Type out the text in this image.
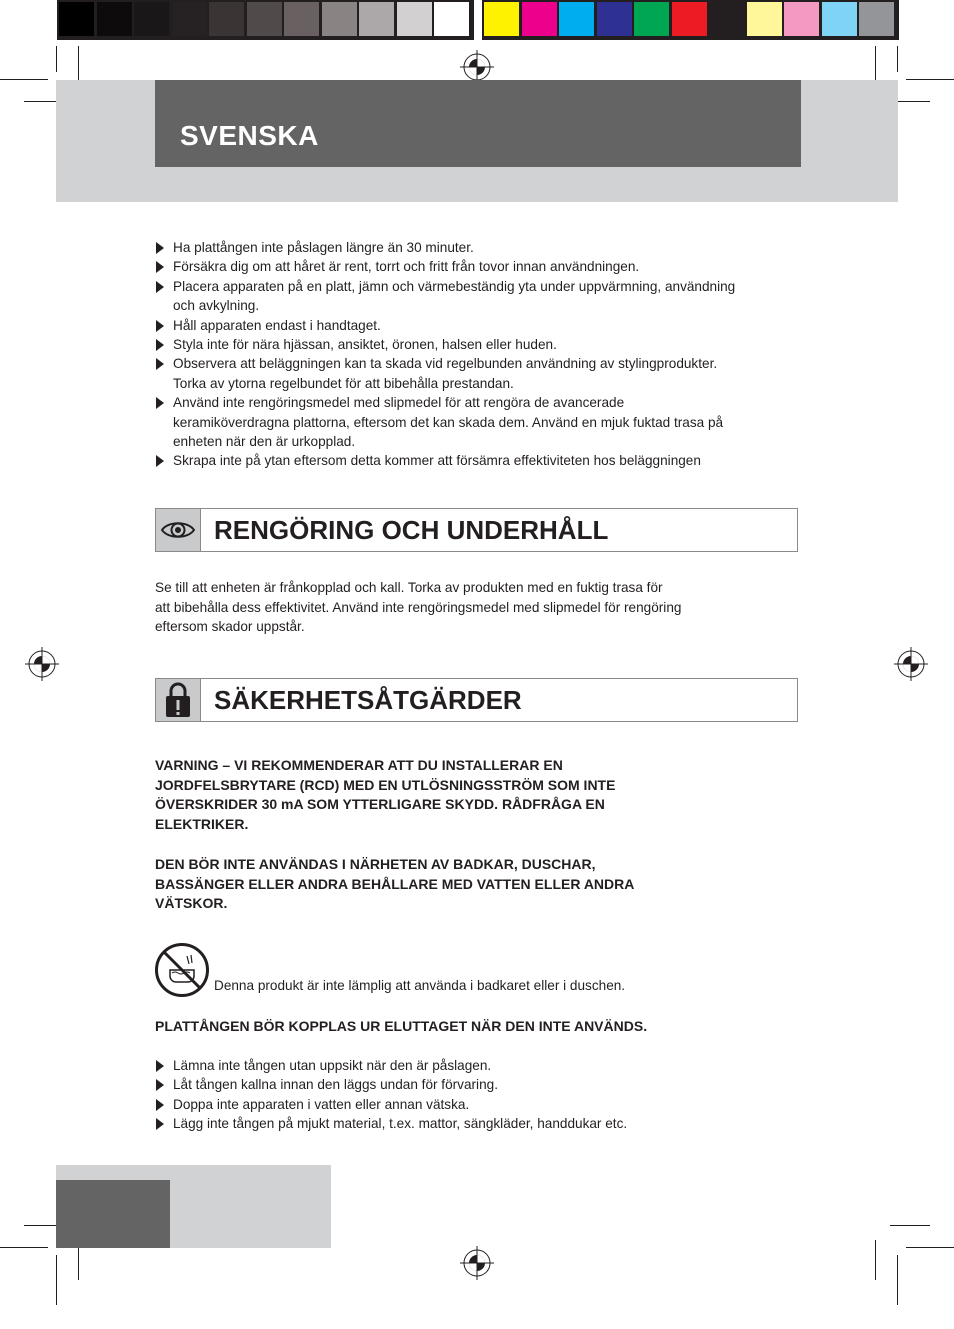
SVENSKA
Ha plattången inte påslagen längre än 30 minuter.
Försäkra dig om att håret är rent, torrt och fritt från tovor innan användningen.
Placera apparaten på en platt, jämn och värmebeständig yta under uppvärmning, användning
och avkylning.
Håll apparaten endast i handtaget.
Styla inte för nära hjässan, ansiktet, öronen, halsen eller huden.
Observera att beläggningen kan ta skada vid regelbunden användning av stylingprodukter.
Torka av ytorna regelbundet för att bibehålla prestandan.
Använd inte rengöringsmedel med slipmedel för att rengöra de avancerade
keramiköverdragna plattorna, eftersom det kan skada dem. Använd en mjuk fuktad trasa på
enheten när den är urkopplad.
Skrapa inte på ytan eftersom detta kommer att försämra effektiviteten hos beläggningen
RENGÖRING OCH UNDERHÅLL
Se till att enheten är frånkopplad och kall. Torka av produkten med en fuktig trasa för
att bibehålla dess effektivitet. Använd inte rengöringsmedel med slipmedel för rengöring
eftersom skador uppstår.
SÄKERHETSÅTGÄRDER
VARNING – VI REKOMMENDERAR ATT DU INSTALLERAR EN
JORDFELSBRYTARE (RCD) MED EN UTLÖSNINGSSTRÖM SOM INTE
ÖVERSKRIDER 30 mA SOM YTTERLIGARE SKYDD. RÅDFRÅGA EN
ELEKTRIKER.
DEN BÖR INTE ANVÄNDAS I NÄRHETEN AV BADKAR, DUSCHAR,
BASSÄNGER ELLER ANDRA BEHÅLLARE MED VATTEN ELLER ANDRA
VÄTSKOR.
Denna produkt är inte lämplig att använda i badkaret eller i duschen.
PLATTÅNGEN BÖR KOPPLAS UR ELUTTAGET NÄR DEN INTE ANVÄNDS.
Lämna inte tången utan uppsikt när den är påslagen.
Låt tången kallna innan den läggs undan för förvaring.
Doppa inte apparaten i vatten eller annan vätska.
Lägg inte tången på mjukt material, t.ex. mattor, sängkläder, handdukar etc.
